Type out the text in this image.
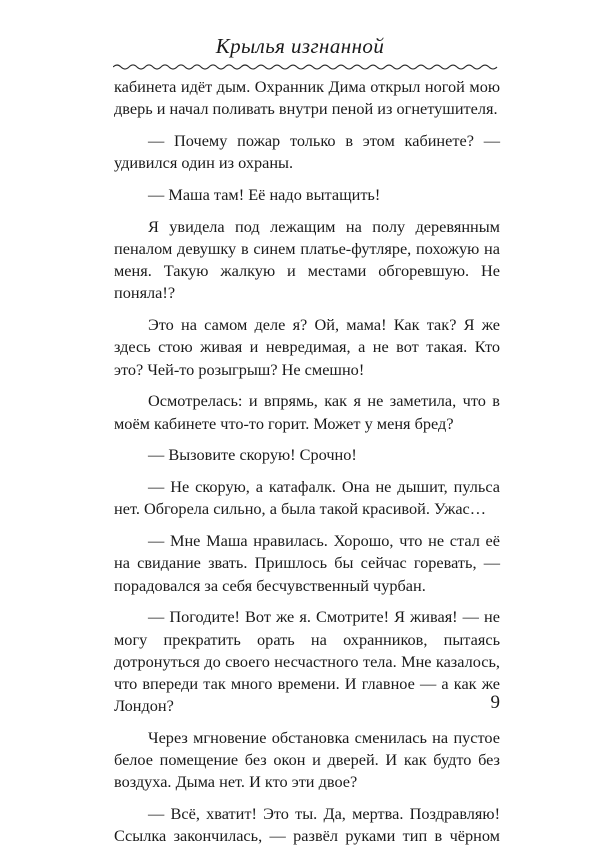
Крылья изгнанной

кабинета идёт дым. Охранник Дима открыл ногой мою дверь и начал поливать внутри пеной из огнетушителя.

— Почему пожар только в этом кабинете? — удивился один из охраны.

— Маша там! Её надо вытащить!

Я увидела под лежащим на полу деревянным пеналом девушку в синем платье-футляре, похожую на меня. Такую жалкую и местами обгоревшую. Не поняла!?

Это на самом деле я? Ой, мама! Как так? Я же здесь стою живая и невредимая, а не вот такая. Кто это? Чей-то розыгрыш? Не смешно!

Осмотрелась: и впрямь, как я не заметила, что в моём кабинете что-то горит. Может у меня бред?

— Вызовите скорую! Срочно!

— Не скорую, а катафалк. Она не дышит, пульса нет. Обгорела сильно, а была такой красивой. Ужас…

— Мне Маша нравилась. Хорошо, что не стал её на свидание звать. Пришлось бы сейчас горевать, — порадовался за себя бесчувственный чурбан.

— Погодите! Вот же я. Смотрите! Я живая! — не могу прекратить орать на охранников, пытаясь дотронуться до своего несчастного тела. Мне казалось, что впереди так много времени. И главное — а как же Лондон?

Через мгновение обстановка сменилась на пустое белое помещение без окон и дверей. И как будто без воздуха. Дыма нет. И кто эти двое?

— Всё, хватит! Это ты. Да, мертва. Поздравляю! Ссылка закончилась, — развёл руками тип в чёрном

9
